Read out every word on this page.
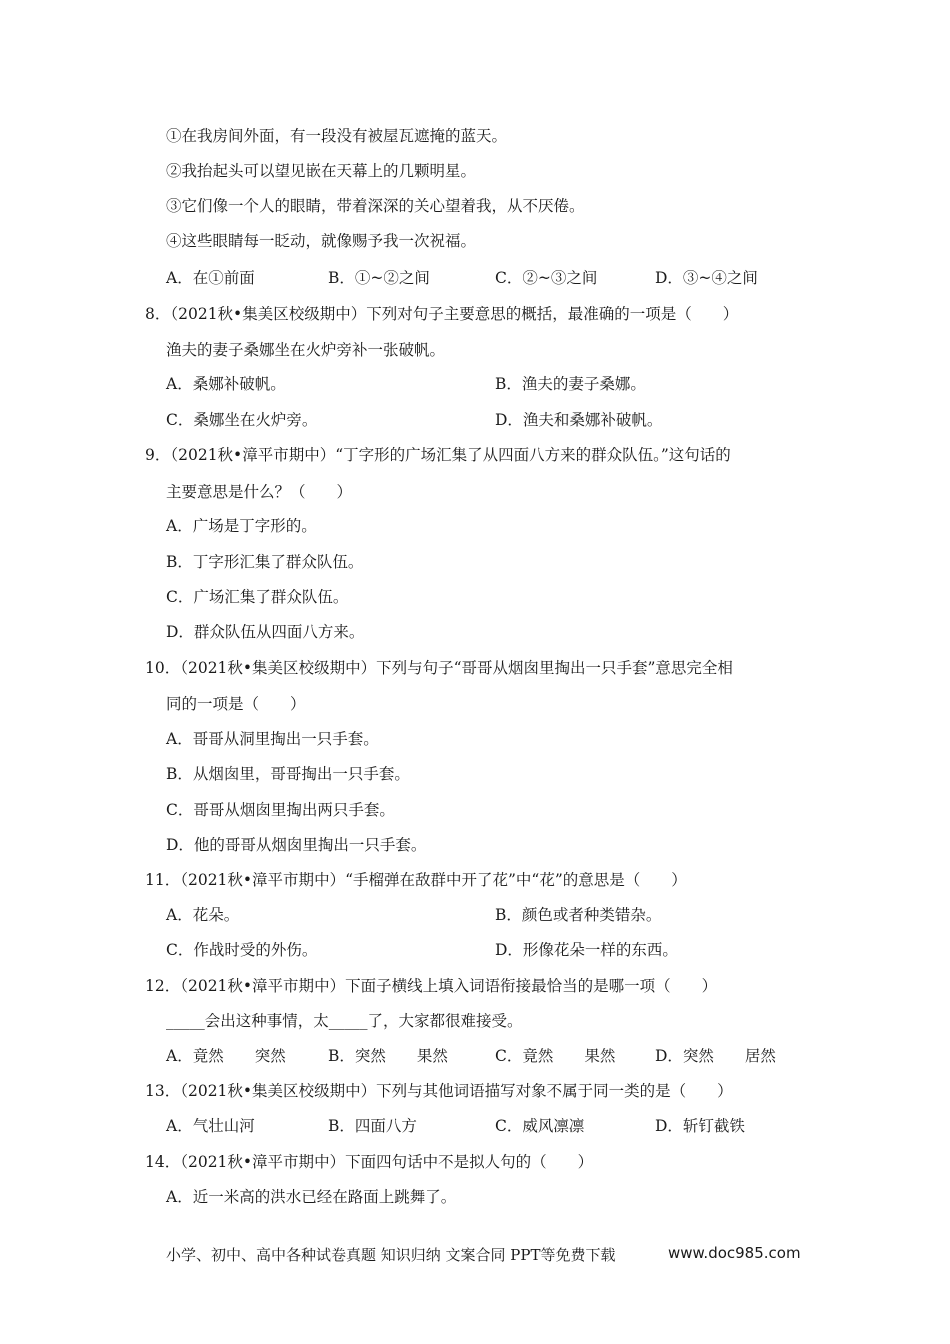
①在我房间外面，有一段没有被屋瓦遮掩的蓝天。
②我抬起头可以望见嵌在天幕上的几颗明星。
③它们像一个人的眼睛，带着深深的关心望着我，从不厌倦。
④这些眼睛每一眨动，就像赐予我一次祝福。
A．在①前面	B．①~②之间	C．②~③之间	D．③~④之间
8．（2021秋•集美区校级期中）下列对句子主要意思的概括，最准确的一项是（　　）
渔夫的妻子桑娜坐在火炉旁补一张破帆。
A．桑娜补破帆。	B．渔夫的妻子桑娜。
C．桑娜坐在火炉旁。	D．渔夫和桑娜补破帆。
9．（2021秋•漳平市期中）“丁字形的广场汇集了从四面八方来的群众队伍。”这句话的
主要意思是什么？（　　）
A．广场是丁字形的。
B．丁字形汇集了群众队伍。
C．广场汇集了群众队伍。
D．群众队伍从四面八方来。
10．（2021秋•集美区校级期中）下列与句子“哥哥从烟囱里掏出一只手套”意思完全相
同的一项是（　　）
A．哥哥从洞里掏出一只手套。
B．从烟囱里，哥哥掏出一只手套。
C．哥哥从烟囱里掏出两只手套。
D．他的哥哥从烟囱里掏出一只手套。
11．（2021秋•漳平市期中）“手榴弹在敌群中开了花”中“花”的意思是（　　）
A．花朵。	B．颜色或者种类错杂。
C．作战时受的外伤。	D．形像花朵一样的东西。
12．（2021秋•漳平市期中）下面子横线上填入词语衔接最恰当的是哪一项（　　）
_____会出这种事情，太_____了，大家都很难接受。
A．竟然　　突然	B．突然　　果然	C．竟然　　果然	D．突然　　居然
13．（2021秋•集美区校级期中）下列与其他词语描写对象不属于同一类的是（　　）
A．气壮山河	B．四面八方	C．威风凛凛	D．斩钉截铁
14．（2021秋•漳平市期中）下面四句话中不是拟人句的（　　）
A．近一米高的洪水已经在路面上跳舞了。
小学、初中、高中各种试卷真题 知识归纳 文案合同 PPT等免费下载	www.doc985.com
